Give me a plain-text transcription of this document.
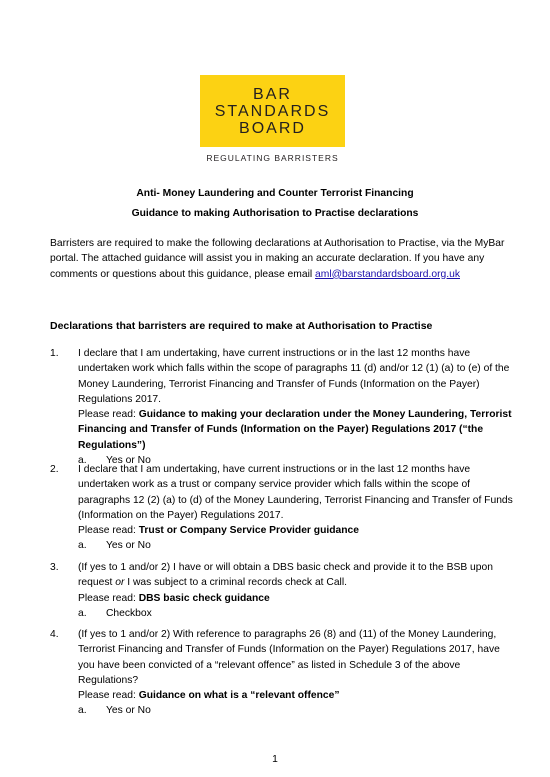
BAR
STANDARDS
BOARD
REGULATING BARRISTERS
Anti- Money Laundering and Counter Terrorist Financing
Guidance to making Authorisation to Practise declarations
Barristers are required to make the following declarations at Authorisation to Practise, via the MyBar portal. The attached guidance will assist you in making an accurate declaration. If you have any comments or questions about this guidance, please email aml@barstandardsboard.org.uk
Declarations that barristers are required to make at Authorisation to Practise
1. I declare that I am undertaking, have current instructions or in the last 12 months have undertaken work which falls within the scope of paragraphs 11 (d) and/or 12 (1) (a) to (e) of the Money Laundering, Terrorist Financing and Transfer of Funds (Information on the Payer) Regulations 2017.
Please read: Guidance to making your declaration under the Money Laundering, Terrorist Financing and Transfer of Funds (Information on the Payer) Regulations 2017 (“the Regulations”)
a. Yes or No
2. I declare that I am undertaking, have current instructions or in the last 12 months have undertaken work as a trust or company service provider which falls within the scope of paragraphs 12 (2) (a) to (d) of the Money Laundering, Terrorist Financing and Transfer of Funds (Information on the Payer) Regulations 2017.
Please read: Trust or Company Service Provider guidance
a. Yes or No
3. (If yes to 1 and/or 2) I have or will obtain a DBS basic check and provide it to the BSB upon request or I was subject to a criminal records check at Call.
Please read: DBS basic check guidance
a. Checkbox
4. (If yes to 1 and/or 2) With reference to paragraphs 26 (8) and (11) of the Money Laundering, Terrorist Financing and Transfer of Funds (Information on the Payer) Regulations 2017, have you have been convicted of a “relevant offence” as listed in Schedule 3 of the above Regulations?
Please read: Guidance on what is a “relevant offence”
a. Yes or No
1
